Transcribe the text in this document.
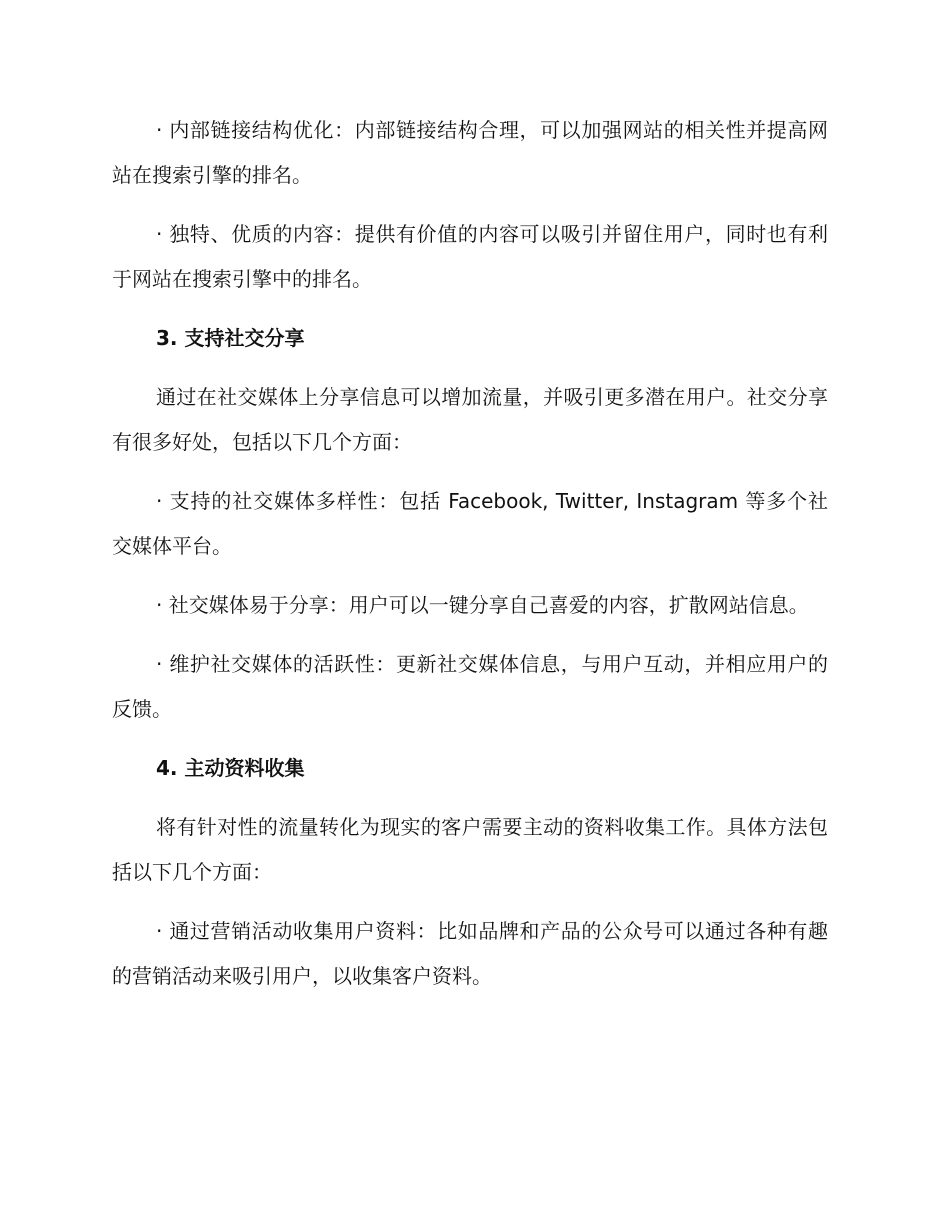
· 内部链接结构优化：内部链接结构合理，可以加强网站的相关性并提高网站在搜索引擎的排名。

· 独特、优质的内容：提供有价值的内容可以吸引并留住用户，同时也有利于网站在搜索引擎中的排名。

3. 支持社交分享

通过在社交媒体上分享信息可以增加流量，并吸引更多潜在用户。社交分享有很多好处，包括以下几个方面：

· 支持的社交媒体多样性：包括 Facebook, Twitter, Instagram 等多个社交媒体平台。

· 社交媒体易于分享：用户可以一键分享自己喜爱的内容，扩散网站信息。

· 维护社交媒体的活跃性：更新社交媒体信息，与用户互动，并相应用户的反馈。

4. 主动资料收集

将有针对性的流量转化为现实的客户需要主动的资料收集工作。具体方法包括以下几个方面：

· 通过营销活动收集用户资料：比如品牌和产品的公众号可以通过各种有趣的营销活动来吸引用户，以收集客户资料。
